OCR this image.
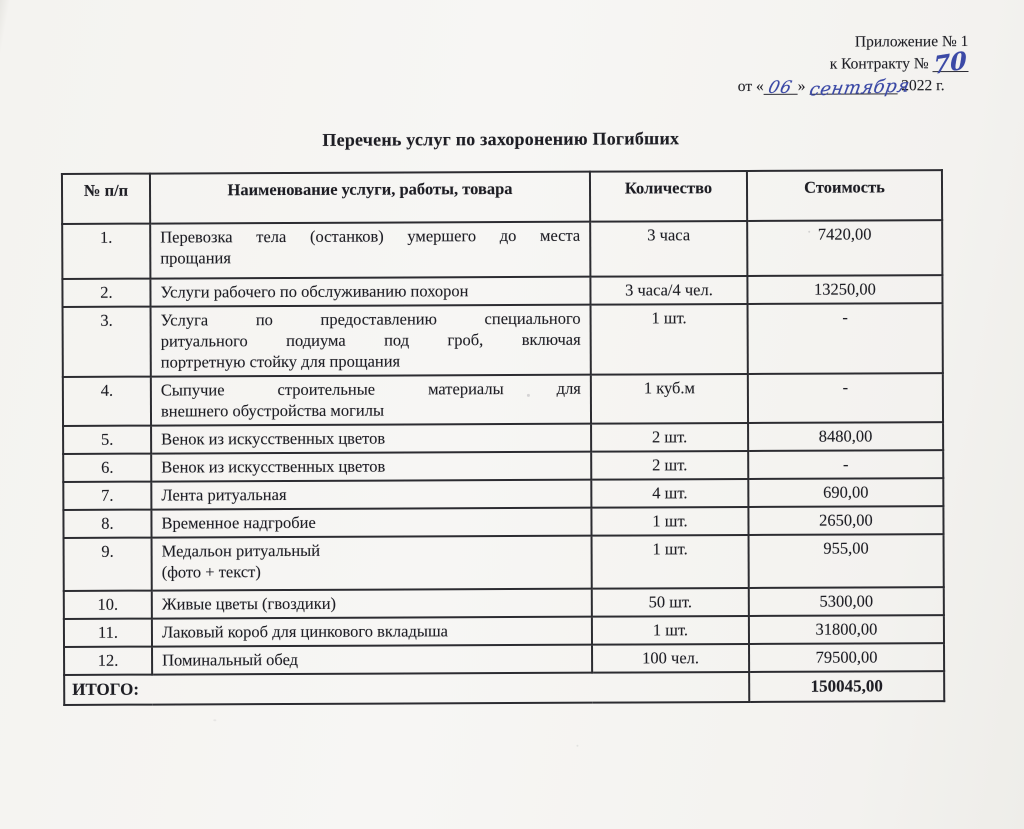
Приложение № 1
к Контракту № 70
от « 06 » сентября 2022 г.
Перечень услуг по захоронению Погибших
№ п/п	Наименование услуги, работы, товара	Количество	Стоимость
1.	Перевозка тела (останков) умершего до места
прощания	3 часа	7420,00
2.	Услуги рабочего по обслуживанию похорон	3 часа/4 чел.	13250,00
3.	Услуга по предоставлению специального
ритуального подиума под гроб, включая
портретную стойку для прощания	1 шт.	-
4.	Сыпучие строительные материалы для
внешнего обустройства могилы	1 куб.м	-
5.	Венок из искусственных цветов	2 шт.	8480,00
6.	Венок из искусственных цветов	2 шт.	-
7.	Лента ритуальная	4 шт.	690,00
8.	Временное надгробие	1 шт.	2650,00
9.	Медальон ритуальный
(фото + текст)	1 шт.	955,00
10.	Живые цветы (гвоздики)	50 шт.	5300,00
11.	Лаковый короб для цинкового вкладыша	1 шт.	31800,00
12.	Поминальный обед	100 чел.	79500,00
ИТОГО:			150045,00
